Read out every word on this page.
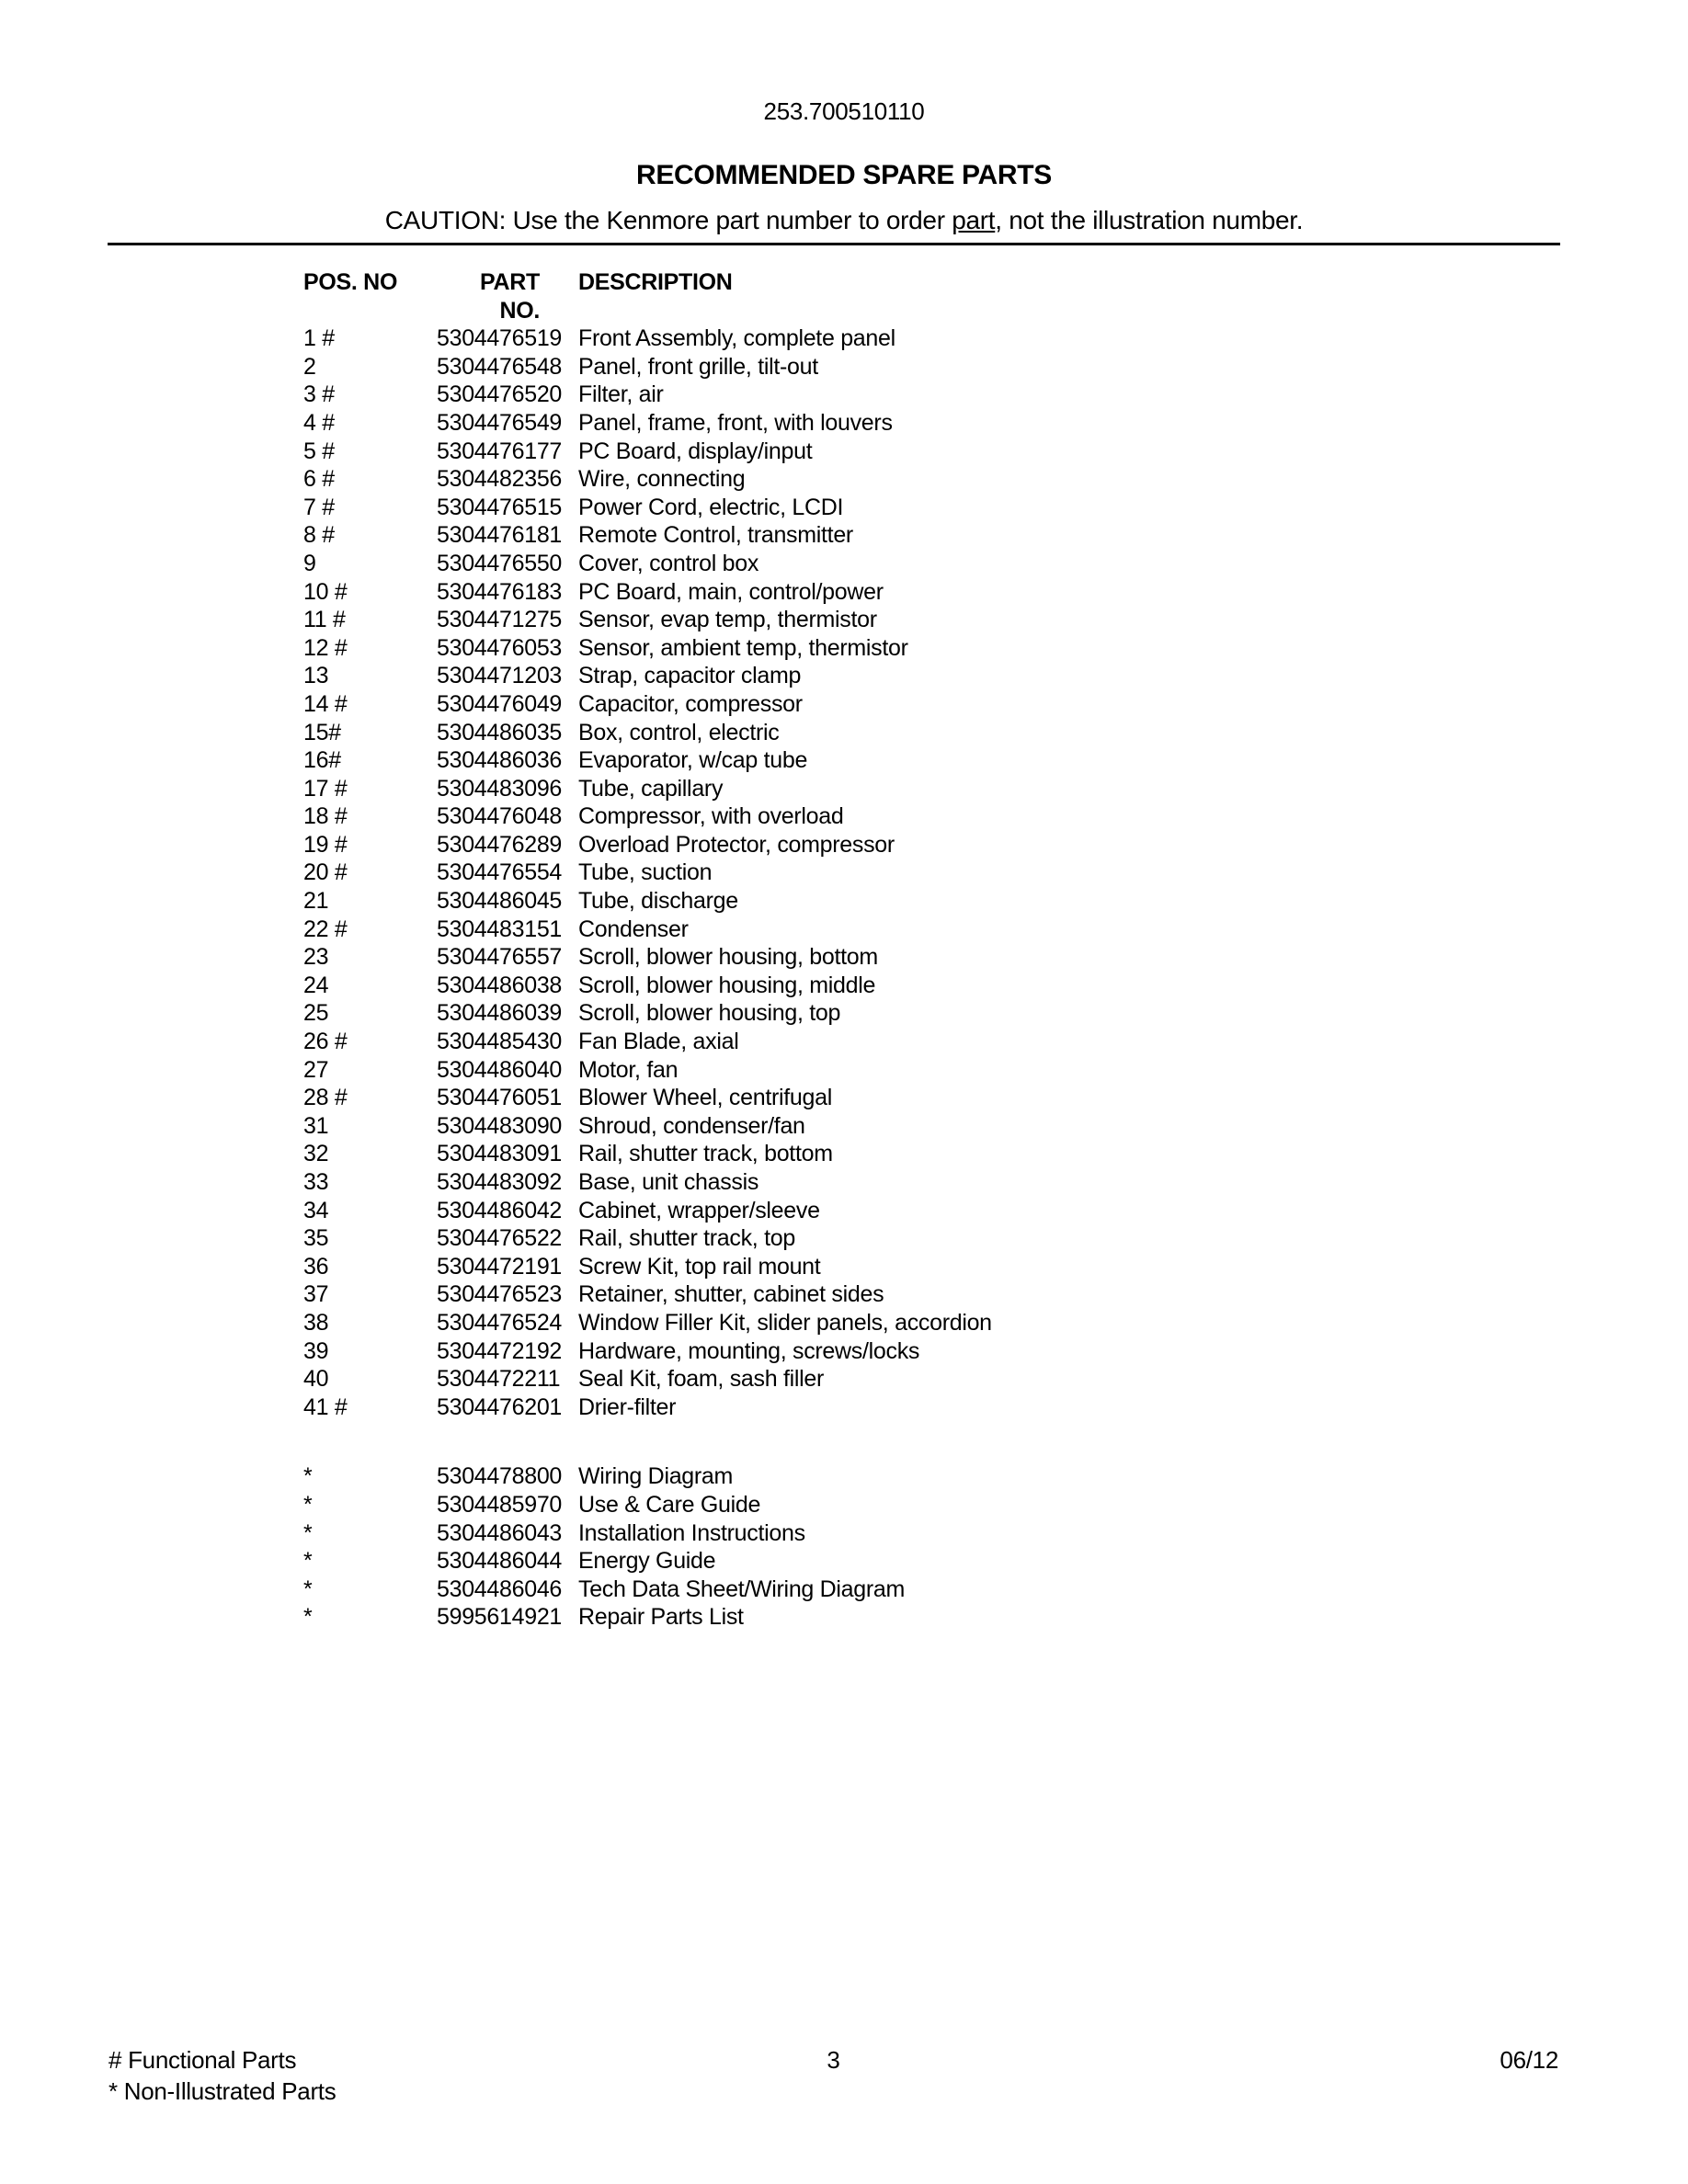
253.700510110
RECOMMENDED SPARE PARTS
CAUTION: Use the Kenmore part number to order part, not the illustration number.
POS. NO	PART NO.
DESCRIPTION
1 #	5304476519 Front Assembly, complete panel
2	5304476548 Panel, front grille, tilt-out
3 #	5304476520 Filter, air
4 #	5304476549 Panel, frame, front, with louvers
5 #	5304476177 PC Board, display/input
6 #	5304482356 Wire, connecting
7 #	5304476515 Power Cord, electric, LCDI
8 #	5304476181 Remote Control, transmitter
9	5304476550 Cover, control box
10 #	5304476183 PC Board, main, control/power
11 #	5304471275 Sensor, evap temp, thermistor
12 #	5304476053 Sensor, ambient temp, thermistor
13	5304471203 Strap, capacitor clamp
14 #	5304476049 Capacitor, compressor
15#	5304486035 Box, control, electric
16#	5304486036 Evaporator, w/cap tube
17 #	5304483096 Tube, capillary
18 #	5304476048 Compressor, with overload
19 #	5304476289 Overload Protector, compressor
20 #	5304476554 Tube, suction
21	5304486045 Tube, discharge
22 #	5304483151 Condenser
23	5304476557 Scroll, blower housing, bottom
24	5304486038 Scroll, blower housing, middle
25	5304486039 Scroll, blower housing, top
26 #	5304485430 Fan Blade, axial
27	5304486040 Motor, fan
28 #	5304476051 Blower Wheel, centrifugal
31	5304483090 Shroud, condenser/fan
32	5304483091 Rail, shutter track, bottom
33	5304483092 Base, unit chassis
34	5304486042 Cabinet, wrapper/sleeve
35	5304476522 Rail, shutter track, top
36	5304472191 Screw Kit, top rail mount
37	5304476523 Retainer, shutter, cabinet sides
38	5304476524 Window Filler Kit, slider panels, accordion
39	5304472192 Hardware, mounting, screws/locks
40	5304472211 Seal Kit, foam, sash filler
41 #	5304476201 Drier-filter
*	5304478800 Wiring Diagram
*	5304485970 Use & Care Guide
*	5304486043 Installation Instructions
*	5304486044 Energy Guide
*	5304486046 Tech Data Sheet/Wiring Diagram
*	5995614921 Repair Parts List
# Functional Parts
* Non-Illustrated Parts
3	06/12
